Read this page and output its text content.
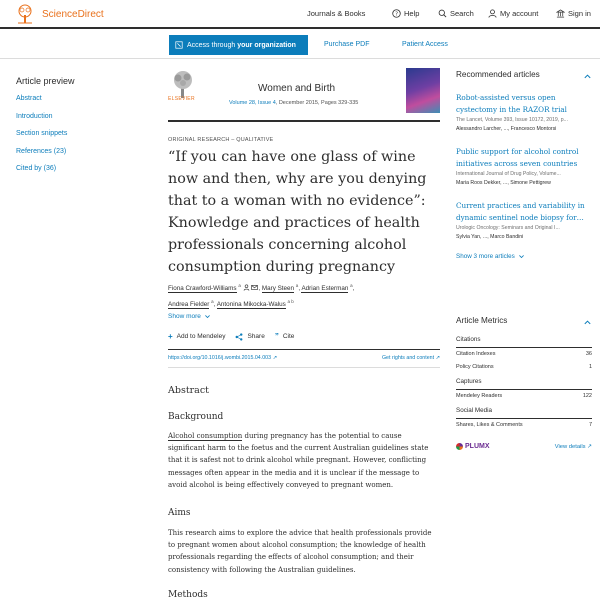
ScienceDirect	Journals & Books	? Help	Search	My account	Sign in
Access through your organization	Purchase PDF	Patient Access
Article preview
Abstract
Introduction
Section snippets
References (23)
Cited by (36)
ELSEVIER
Women and Birth
Volume 28, Issue 4, December 2015, Pages 329-335
ORIGINAL RESEARCH – QUALITATIVE
“If you can have one glass of wine now and then, why are you denying that to a woman with no evidence”: Knowledge and practices of health professionals concerning alcohol consumption during pregnancy
Fiona Crawford-Williams $^a$	, Mary Steen $^a$, Adrian Esterman $^a$,
Andrea Fielder $^a$, Antonina Mikocka-Walus $^{a b}$
Show more
+ Add to Mendeley	Share ” Cite
https://doi.org/10.1016/j.wombi.2015.04.003 ↗	Get rights and content ↗
Abstract
Background
Alcohol consumption during pregnancy has the potential to cause significant harm to the foetus and the current Australian guidelines state that it is safest not to drink alcohol while pregnant. However, conflicting messages often appear in the media and it is unclear if the message to avoid alcohol is being effectively conveyed to pregnant women.
Aims
This research aims to explore the advice that health professionals provide to pregnant women about alcohol consumption; the knowledge of health professionals regarding the effects of alcohol consumption; and their consistency with following the Australian guidelines.
Methods
Recommended articles
Robot-assisted versus open cystectomy in the RAZOR trial
The Lancet, Volume 393, Issue 10172, 2019, p...
Alessandro Larcher, ..., Francesco Montorsi
Public support for alcohol control initiatives across seven countries
International Journal of Drug Policy, Volume...
Maria Roos Dekker, ..., Simone Pettigrew
Current practices and variability in dynamic sentinel node biopsy for…
Urologic Oncology: Seminars and Original I...
Sylvia Yan, ..., Marco Bandini
Show 3 more articles
Article Metrics
Citations
Citation Indexes	36
Policy Citations	1
Captures
Mendeley Readers	122
Social Media
Shares, Likes & Comments	7
PLUMX	View details ↗
